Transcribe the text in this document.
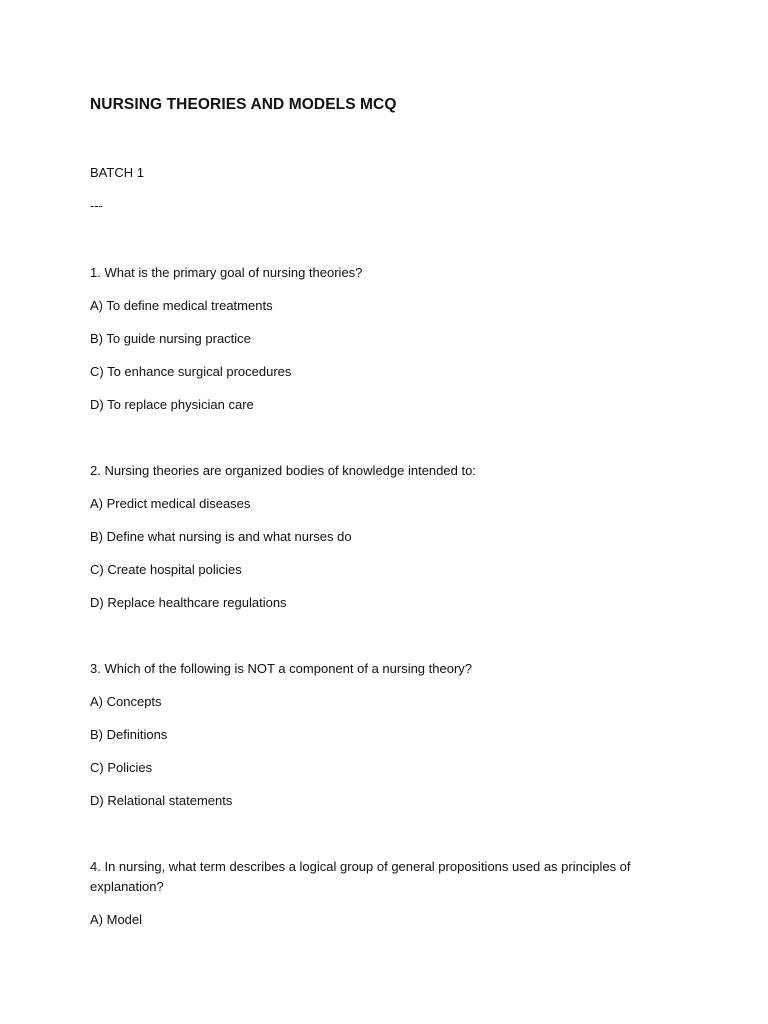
NURSING THEORIES AND MODELS MCQ
BATCH 1
---

1. What is the primary goal of nursing theories?

A) To define medical treatments
B) To guide nursing practice
C) To enhance surgical procedures
D) To replace physician care

2. Nursing theories are organized bodies of knowledge intended to:

A) Predict medical diseases
B) Define what nursing is and what nurses do
C) Create hospital policies
D) Replace healthcare regulations

3. Which of the following is NOT a component of a nursing theory?

A) Concepts
B) Definitions
C) Policies
D) Relational statements

4. In nursing, what term describes a logical group of general propositions used as principles of explanation?

A) Model
